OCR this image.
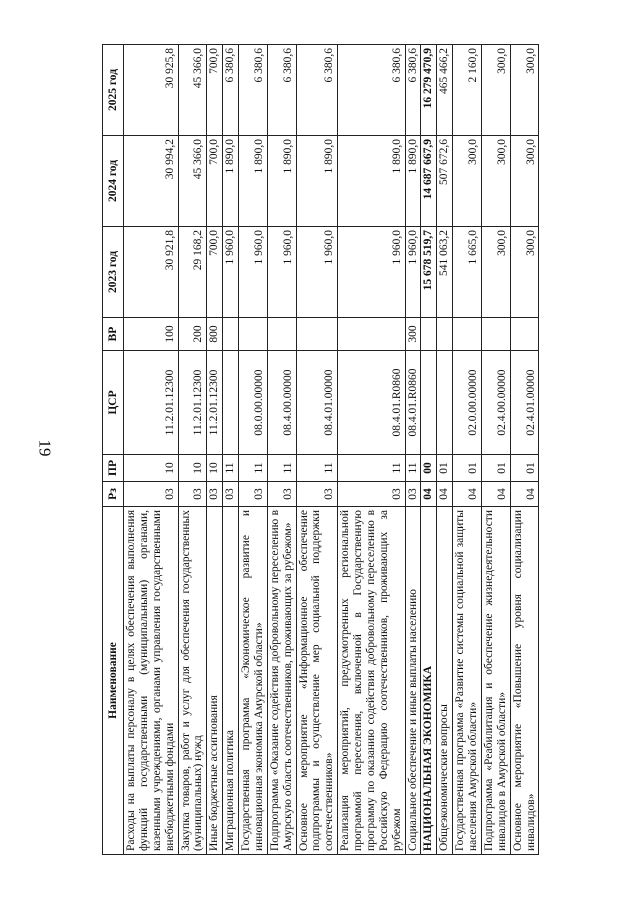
19
Наименование	Рз	ПР	ЦСР	ВР	2023 год	2024 год	2025 год
Расходы на выплаты персоналу в целях обеспечения выполнения функций государственными (муниципальными) органами, казенными учреждениями, органами управления государственными внебюджетными фондами	03	10	11.2.01.12300	100	30 921,8	30 994,2	30 925,8
Закупка товаров, работ и услуг для обеспечения государственных (муниципальных) нужд	03	10	11.2.01.12300	200	29 168,2	45 366,0	45 366,0
Иные бюджетные ассигнования	03	10	11.2.01.12300	800	700,0	700,0	700,0
Миграционная политика	03	11			1 960,0	1 890,0	6 380,6
Государственная программа «Экономическое развитие и инновационная экономика Амурской области»	03	11	08.0.00.00000		1 960,0	1 890,0	6 380,6
Подпрограмма «Оказание содействия добровольному переселению в Амурскую область соотечественников, проживающих за рубежом»	03	11	08.4.00.00000		1 960,0	1 890,0	6 380,6
Основное мероприятие «Информационное обеспечение подпрограммы и осуществление мер социальной поддержки соотечественников»	03	11	08.4.01.00000		1 960,0	1 890,0	6 380,6
Реализация мероприятий, предусмотренных региональной программой переселения, включенной в Государственную программу по оказанию содействия добровольному переселению в Российскую Федерацию соотечественников, проживающих за рубежом	03	11	08.4.01.R0860		1 960,0	1 890,0	6 380,6
Социальное обеспечение и иные выплаты населению	03	11	08.4.01.R0860	300	1 960,0	1 890,0	6 380,6
НАЦИОНАЛЬНАЯ ЭКОНОМИКА	04	00			15 678 519,7	14 687 667,9	16 279 470,9
Общеэкономические вопросы	04	01			541 063,2	507 672,6	465 466,2
Государственная программа «Развитие системы социальной защиты населения Амурской области»	04	01	02.0.00.00000		1 665,0	300,0	2 160,0
Подпрограмма «Реабилитация и обеспечение жизнедеятельности инвалидов в Амурской области»	04	01	02.4.00.00000		300,0	300,0	300,0
Основное мероприятие «Повышение уровня социализации инвалидов»	04	01	02.4.01.00000		300,0	300,0	300,0
